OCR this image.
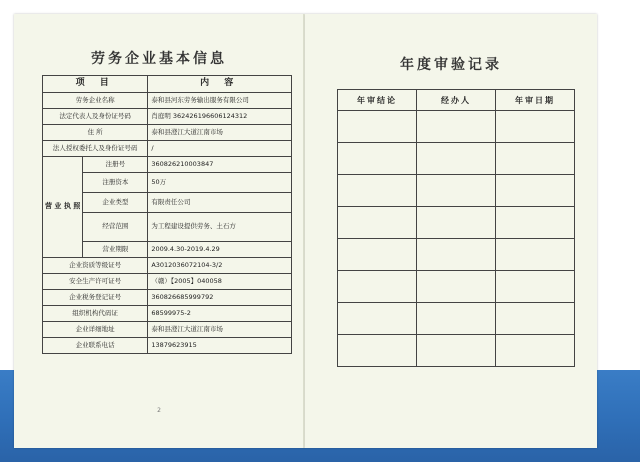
劳务企业基本信息
项 目		内 容
劳务企业名称		泰和县河东劳务输出服务有限公司
法定代表人及身份证号码		肖庭明 362426196606124312
住 所		泰和县澄江大道江南市场
法人授权委托人及身份证号码		/
营 业 执 照	注册号	360826210003847
	注册资本	50万
	企业类型	有限责任公司
	经营范围	为工程建设提供劳务、土石方
	营业期限	2009.4.30-2019.4.29
企业资质等级证号		A3012036072104-3/2
安全生产许可证号		（赣）【2005】040058
企业税务登记证号		360826685999792
组织机构代码证		68599975-2
企业详细地址		泰和县澄江大道江南市场
企业联系电话		13879623915
2
年度审验记录
年审结论	经办人	年审日期
